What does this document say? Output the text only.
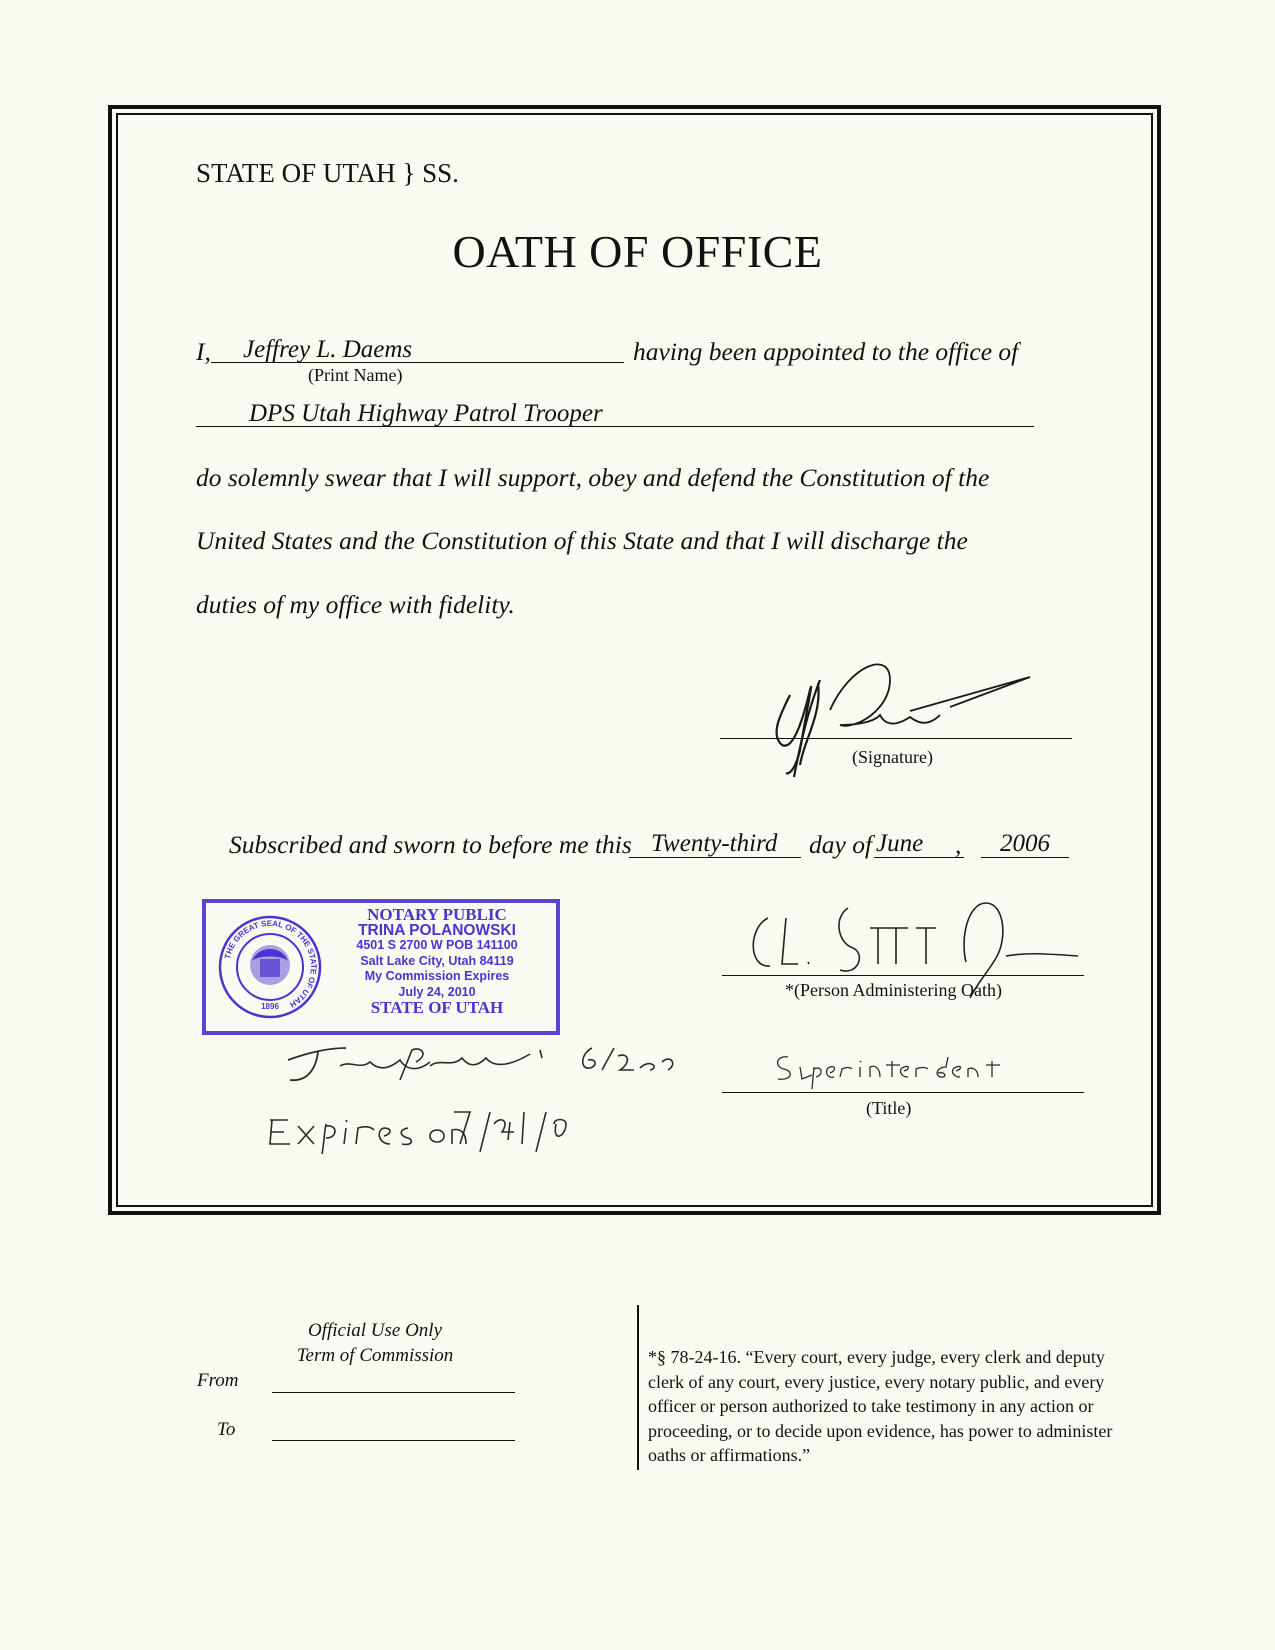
STATE OF UTAH } SS.
OATH OF OFFICE
I, Jeffrey L. Daems	having been appointed to the office of
(Print Name)
DPS Utah Highway Patrol Trooper
do solemnly swear that I will support, obey and defend the Constitution of the
United States and the Constitution of this State and that I will discharge the
duties of my office with fidelity.
(Signature)
Subscribed and sworn to before me this Twenty-third day of June , 2006
THE GREAT SEAL OF THE STATE OF UTAH
1896
NOTARY PUBLIC
TRINA POLANOWSKI
4501 S 2700 W POB 141100
Salt Lake City, Utah 84119
My Commission Expires
July 24, 2010
STATE OF UTAH
*(Person Administering Oath)
(Title)
Official Use Only
Term of Commission
From
To
*§ 78-24-16. “Every court, every judge, every clerk and deputy clerk of any court, every justice, every notary public, and every officer or person authorized to take testimony in any action or proceeding, or to decide upon evidence, has power to administer oaths or affirmations.”
